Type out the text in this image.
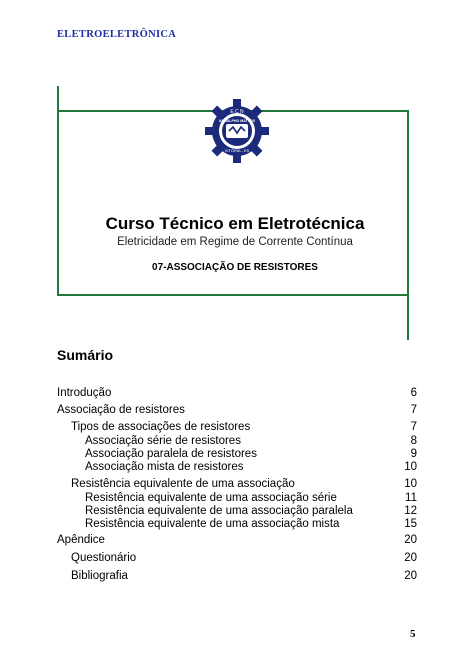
ELETROELETRÔNICA
E C N
ARNULPHO MATTOS
VITÓRIA - ES
Curso Técnico em Eletrotécnica
Eletricidade em Regime de Corrente Contínua
07-ASSOCIAÇÃO DE RESISTORES
Sumário
Introdução	6
Associação de resistores	7
Tipos de associações de resistores	7
Associação série de resistores	8
Associação paralela de resistores	9
Associação mista de resistores	10
Resistência equivalente de uma associação	10
Resistência equivalente de uma associação série	11
Resistência equivalente de uma associação paralela	12
Resistência equivalente de uma associação mista	15
Apêndice	20
Questionário	20
Bibliografia	20
5
